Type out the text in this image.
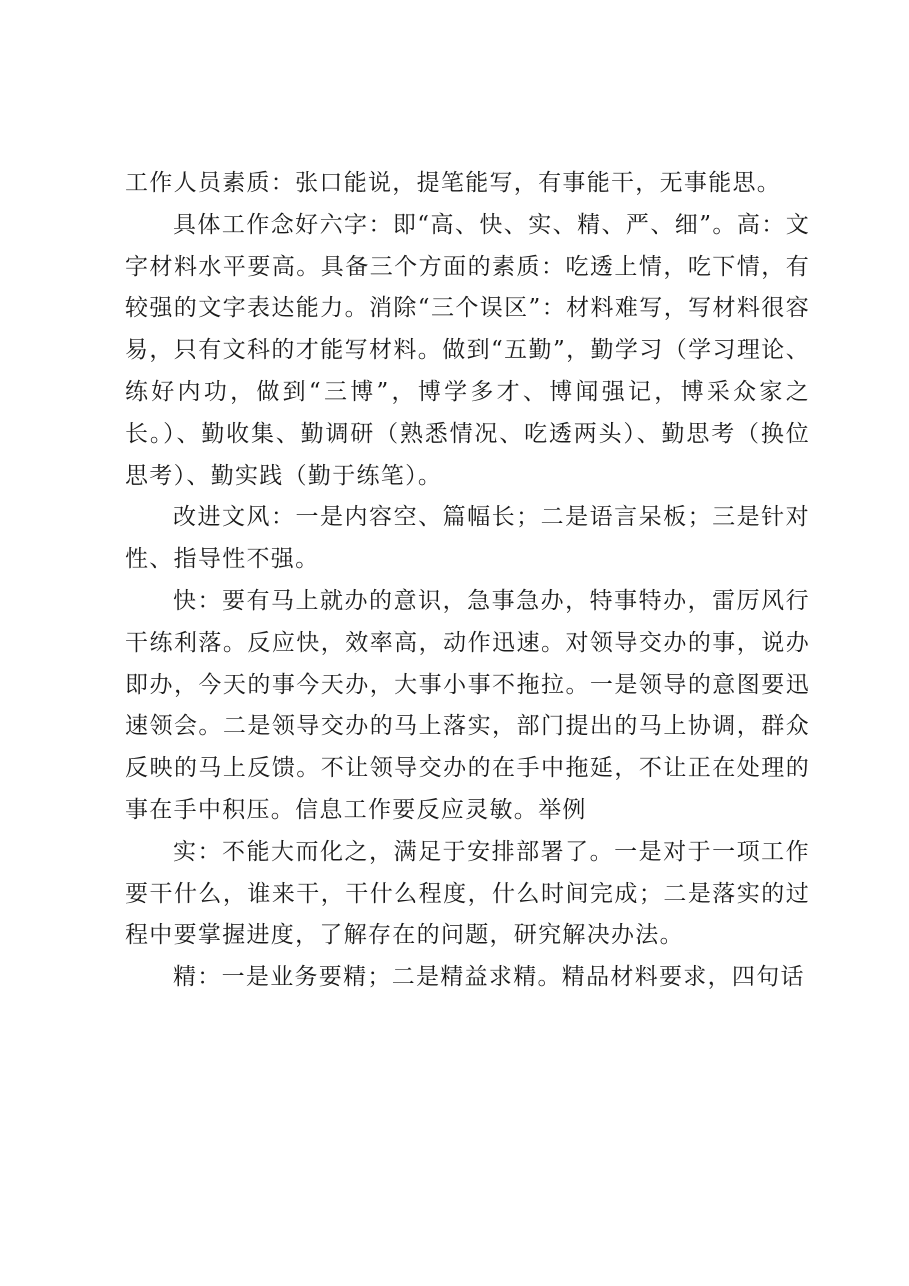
工作人员素质：张口能说，提笔能写，有事能干，无事能思。

具体工作念好六字：即“高、快、实、精、严、细”。高：文字材料水平要高。具备三个方面的素质：吃透上情，吃下情，有较强的文字表达能力。消除“三个误区”：材料难写，写材料很容易，只有文科的才能写材料。做到“五勤”，勤学习（学习理论、练好内功，做到“三博”，博学多才、博闻强记，博采众家之长。）、勤收集、勤调研（熟悉情况、吃透两头）、勤思考（换位思考）、勤实践（勤于练笔）。

改进文风：一是内容空、篇幅长；二是语言呆板；三是针对性、指导性不强。

快：要有马上就办的意识，急事急办，特事特办，雷厉风行干练利落。反应快，效率高，动作迅速。对领导交办的事，说办即办，今天的事今天办，大事小事不拖拉。一是领导的意图要迅速领会。二是领导交办的马上落实，部门提出的马上协调，群众反映的马上反馈。不让领导交办的在手中拖延，不让正在处理的事在手中积压。信息工作要反应灵敏。举例

实：不能大而化之，满足于安排部署了。一是对于一项工作要干什么，谁来干，干什么程度，什么时间完成；二是落实的过程中要掌握进度，了解存在的问题，研究解决办法。

精：一是业务要精；二是精益求精。精品材料要求，四句话
